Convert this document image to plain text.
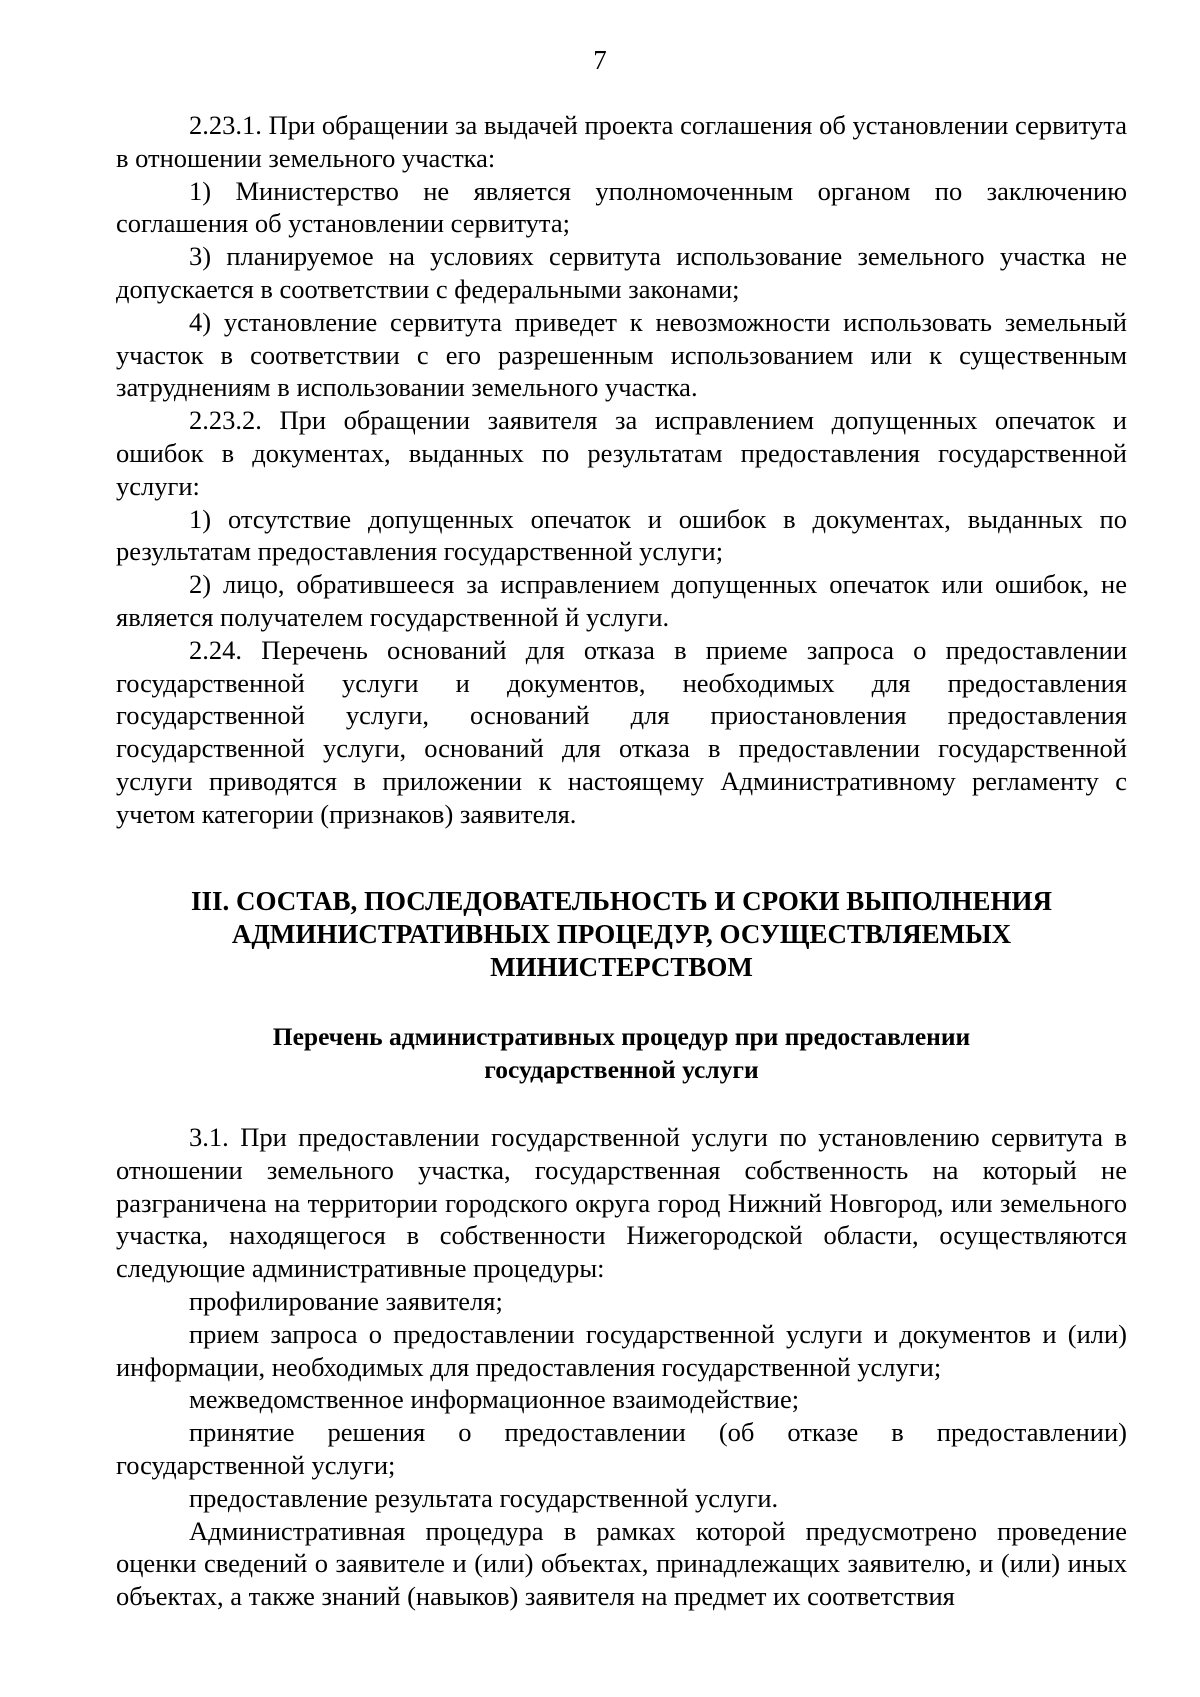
7

2.23.1. При обращении за выдачей проекта соглашения об установлении сервитута в отношении земельного участка:

1) Министерство не является уполномоченным органом по заключению соглашения об установлении сервитута;

3) планируемое на условиях сервитута использование земельного участка не допускается в соответствии с федеральными законами;

4) установление сервитута приведет к невозможности использовать земельный участок в соответствии с его разрешенным использованием или к существенным затруднениям в использовании земельного участка.

2.23.2. При обращении заявителя за исправлением допущенных опечаток и ошибок в документах, выданных по результатам предоставления государственной услуги:

1) отсутствие допущенных опечаток и ошибок в документах, выданных по результатам предоставления государственной услуги;

2) лицо, обратившееся за исправлением допущенных опечаток или ошибок, не является получателем государственной й услуги.

2.24. Перечень оснований для отказа в приеме запроса о предоставлении государственной услуги и документов, необходимых для предоставления государственной услуги, оснований для приостановления предоставления государственной услуги, оснований для отказа в предоставлении государственной услуги приводятся в приложении к настоящему Административному регламенту с учетом категории (признаков) заявителя.

III. СОСТАВ, ПОСЛЕДОВАТЕЛЬНОСТЬ И СРОКИ ВЫПОЛНЕНИЯ
АДМИНИСТРАТИВНЫХ ПРОЦЕДУР, ОСУЩЕСТВЛЯЕМЫХ
МИНИСТЕРСТВОМ
Перечень административных процедур при предоставлении
государственной услуги

3.1. При предоставлении государственной услуги по установлению сервитута в отношении земельного участка, государственная собственность на который не разграничена на территории городского округа город Нижний Новгород, или земельного участка, находящегося в собственности Нижегородской области, осуществляются следующие административные процедуры:

профилирование заявителя;

прием запроса о предоставлении государственной услуги и документов и (или) информации, необходимых для предоставления государственной услуги;

межведомственное информационное взаимодействие;

принятие решения о предоставлении (об отказе в предоставлении) государственной услуги;

предоставление результата государственной услуги.

Административная процедура в рамках которой предусмотрено проведение оценки сведений о заявителе и (или) объектах, принадлежащих заявителю, и (или) иных объектах, а также знаний (навыков) заявителя на предмет их соответствия
